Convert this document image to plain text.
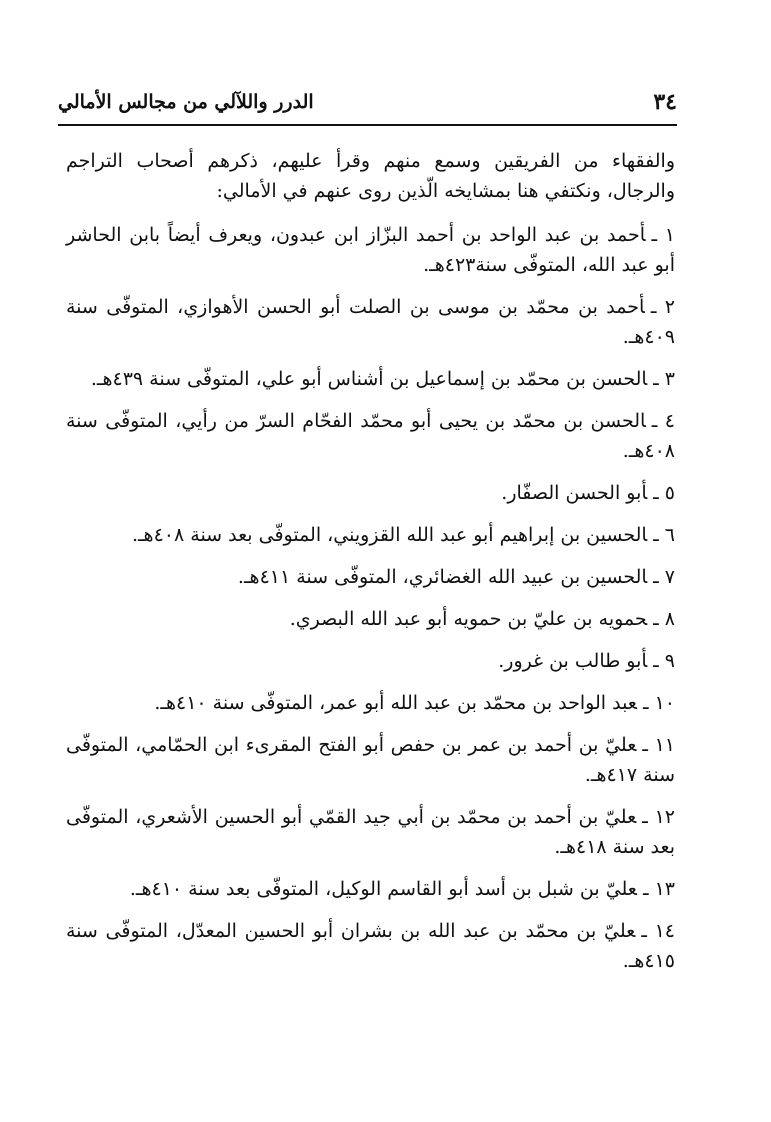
٣٤
الدرر واللآلي من مجالس الأمالي

والفقهاء من الفريقين وسمع منهم وقرأ عليهم، ذكرهم أصحاب التراجم والرجال، ونكتفي هنا بمشايخه الّذين روى عنهم في الأمالي:

١ ـأحمد بن عبد الواحد بن أحمد البزّاز ابن عبدون، ويعرف أيضاً بابن الحاشر أبو عبد الله، المتوفّى سنة٤٢٣هـ.
٢ ـأحمد بن محمّد بن موسى بن الصلت أبو الحسن الأهوازي، المتوفّى سنة ٤٠٩هـ.
٣ ـالحسن بن محمّد بن إسماعيل بن أشناس أبو علي، المتوفّى سنة ٤٣٩هـ.
٤ ـالحسن بن محمّد بن يحيى أبو محمّد الفحّام السرّ من رأيي، المتوفّى سنة ٤٠٨هـ.
٥ ـأبو الحسن الصفّار.
٦ ـالحسين بن إبراهيم أبو عبد الله القزويني، المتوفّى بعد سنة ٤٠٨هـ.
٧ ـالحسين بن عبيد الله الغضائري، المتوفّى سنة ٤١١هـ.
٨ ـحمويه بن عليّ بن حمويه أبو عبد الله البصري.
٩ ـأبو طالب بن غرور.
١٠ ـعبد الواحد بن محمّد بن عبد الله أبو عمر، المتوفّى سنة ٤١٠هـ.
١١ ـعليّ بن أحمد بن عمر بن حفص أبو الفتح المقرىء ابن الحمّامي، المتوفّى سنة ٤١٧هـ.
١٢ ـعليّ بن أحمد بن محمّد بن أبي جيد القمّي أبو الحسين الأشعري، المتوفّى بعد سنة ٤١٨هـ.
١٣ ـعليّ بن شبل بن أسد أبو القاسم الوكيل، المتوفّى بعد سنة ٤١٠هـ.
١٤ ـعليّ بن محمّد بن عبد الله بن بشران أبو الحسين المعدّل، المتوفّى سنة ٤١٥هـ.
